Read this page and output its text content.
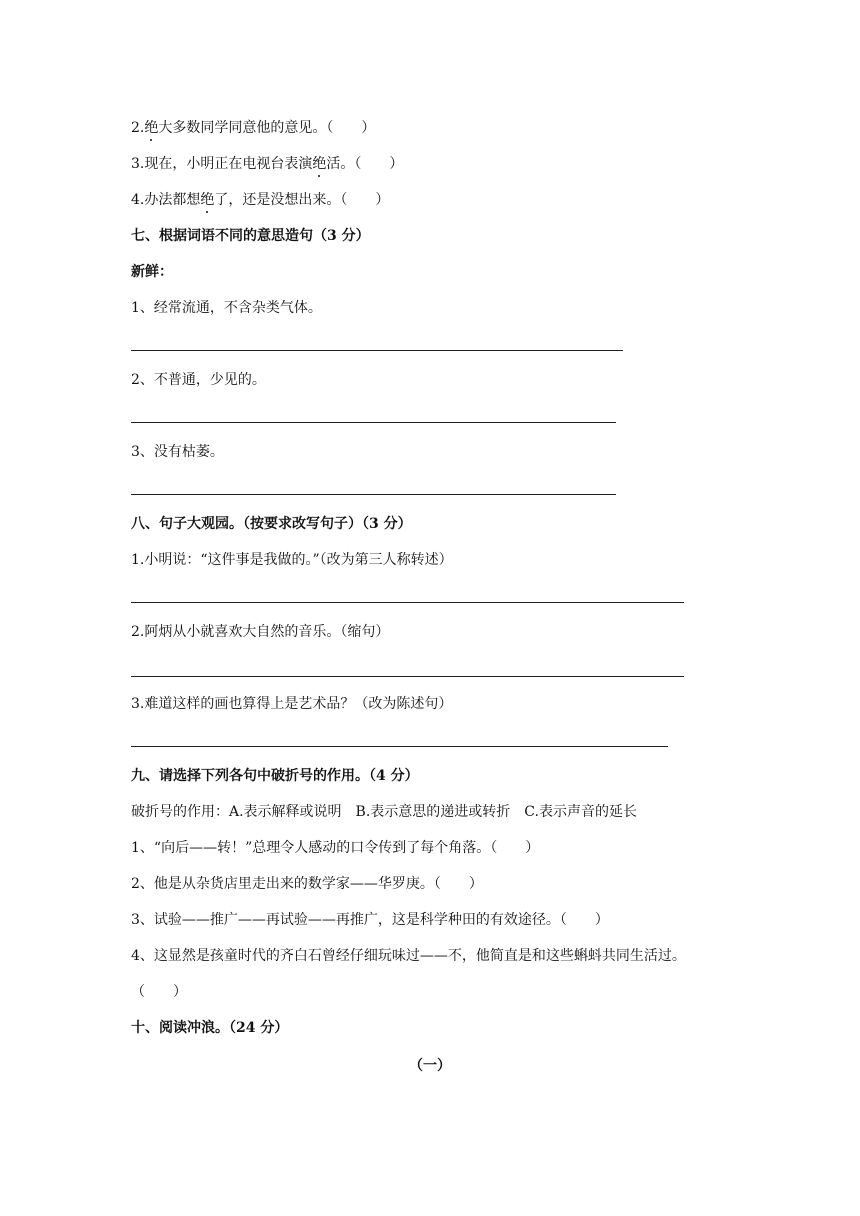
2.绝大多数同学同意他的意见。（　　）
3.现在，小明正在电视台表演绝活。（　　）
4.办法都想绝了，还是没想出来。（　　）
七、根据词语不同的意思造句（3 分）
新鲜：
1、经常流通，不含杂类气体。
2、不普通，少见的。
3、没有枯萎。
八、句子大观园。（按要求改写句子）（3 分）
1.小明说：“这件事是我做的。”（改为第三人称转述）
2.阿炳从小就喜欢大自然的音乐。（缩句）
3.难道这样的画也算得上是艺术品？（改为陈述句）
九、请选择下列各句中破折号的作用。（4 分）
破折号的作用：A.表示解释或说明　B.表示意思的递进或转折　C.表示声音的延长
1、“向后——转！”总理令人感动的口令传到了每个角落。（　　）
2、他是从杂货店里走出来的数学家——华罗庚。（　　）
3、试验——推广——再试验——再推广，这是科学种田的有效途径。（　　）
4、这显然是孩童时代的齐白石曾经仔细玩味过——不，他简直是和这些蝌蚪共同生活过。
（　　）
十、阅读冲浪。（24 分）
（一）
